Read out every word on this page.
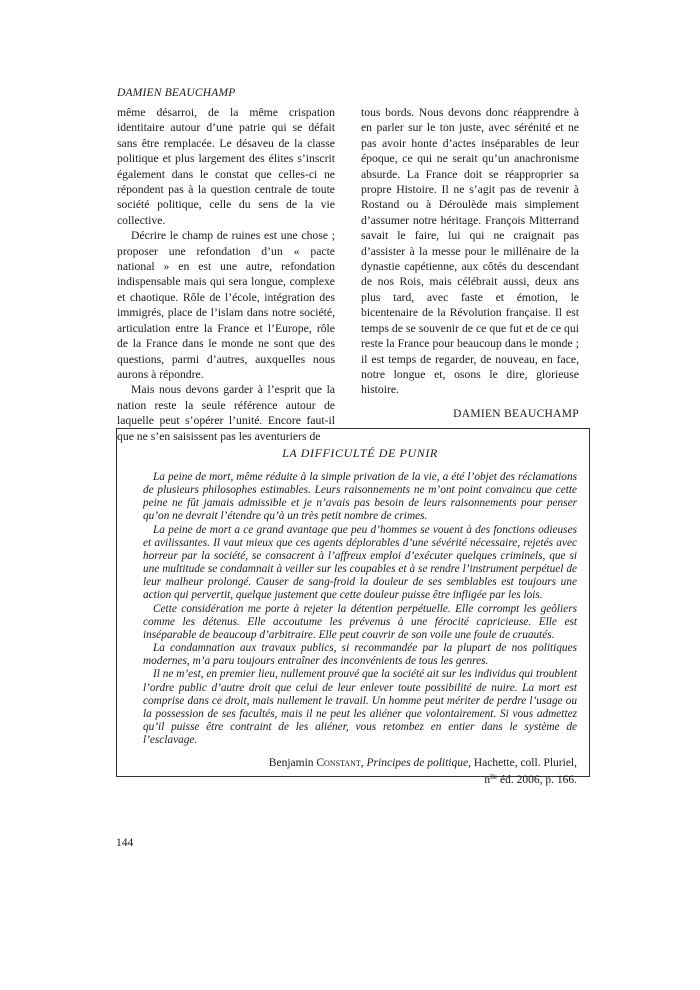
DAMIEN BEAUCHAMP

même désarroi, de la même crispation identitaire autour d’une patrie qui se défait sans être remplacée. Le désaveu de la classe politique et plus largement des élites s’inscrit également dans le constat que celles-ci ne répondent pas à la question centrale de toute société politique, celle du sens de la vie collective.

Décrire le champ de ruines est une chose ; proposer une refondation d’un « pacte national » en est une autre, refondation indispensable mais qui sera longue, complexe et chaotique. Rôle de l’école, intégration des immigrés, place de l’islam dans notre société, articulation entre la France et l’Europe, rôle de la France dans le monde ne sont que des questions, parmi d’autres, auxquelles nous aurons à répondre.

Mais nous devons garder à l’esprit que la nation reste la seule référence autour de laquelle peut s’opérer l’unité. Encore faut-il que ne s’en saisissent pas les aventuriers de

tous bords. Nous devons donc réapprendre à en parler sur le ton juste, avec sérénité et ne pas avoir honte d’actes inséparables de leur époque, ce qui ne serait qu’un anachronisme absurde. La France doit se réapproprier sa propre Histoire. Il ne s’agit pas de revenir à Rostand ou à Déroulède mais simplement d’assumer notre héritage. François Mitterrand savait le faire, lui qui ne craignait pas d’assister à la messe pour le millénaire de la dynastie capétienne, aux côtés du descendant de nos Rois, mais célébrait aussi, deux ans plus tard, avec faste et émotion, le bicentenaire de la Révolution française. Il est temps de se souvenir de ce que fut et de ce qui reste la France pour beaucoup dans le monde ; il est temps de regarder, de nouveau, en face, notre longue et, osons le dire, glorieuse histoire.

DAMIEN BEAUCHAMP

LA DIFFICULTÉ DE PUNIR

La peine de mort, même réduite à la simple privation de la vie, a été l’objet des réclamations de plusieurs philosophes estimables. Leurs raisonnements ne m’ont point convaincu que cette peine ne fût jamais admissible et je n’avais pas besoin de leurs raisonnements pour penser qu’on ne devrait l’étendre qu’à un très petit nombre de crimes.

La peine de mort a ce grand avantage que peu d’hommes se vouent à des fonctions odieuses et avilissantes. Il vaut mieux que ces agents déplorables d’une sévérité nécessaire, rejetés avec horreur par la société, se consacrent à l’affreux emploi d’exécuter quelques criminels, que si une multitude se condamnait à veiller sur les coupables et à se rendre l’instrument perpétuel de leur malheur prolongé. Causer de sang-froid la douleur de ses semblables est toujours une action qui pervertit, quelque justement que cette douleur puisse être infligée par les lois.

Cette considération me porte à rejeter la détention perpétuelle. Elle corrompt les geôliers comme les détenus. Elle accoutume les prévenus à une férocité capricieuse. Elle est inséparable de beaucoup d’arbitraire. Elle peut couvrir de son voile une foule de cruautés.

La condamnation aux travaux publics, si recommandée par la plupart de nos politiques modernes, m’a paru toujours entraîner des inconvénients de tous les genres.

Il ne m’est, en premier lieu, nullement prouvé que la société ait sur les individus qui troublent l’ordre public d’autre droit que celui de leur enlever toute possibilité de nuire. La mort est comprise dans ce droit, mais nullement le travail. Un homme peut mériter de perdre l’usage ou la possession de ses facultés, mais il ne peut les aliéner que volontairement. Si vous admettez qu’il puisse être contraint de les aliéner, vous retombez en entier dans le système de l’esclavage.

Benjamin Constant, Principes de politique, Hachette, coll. Pluriel,
$n^{lle}$ éd. 2006, p. 166.
144
